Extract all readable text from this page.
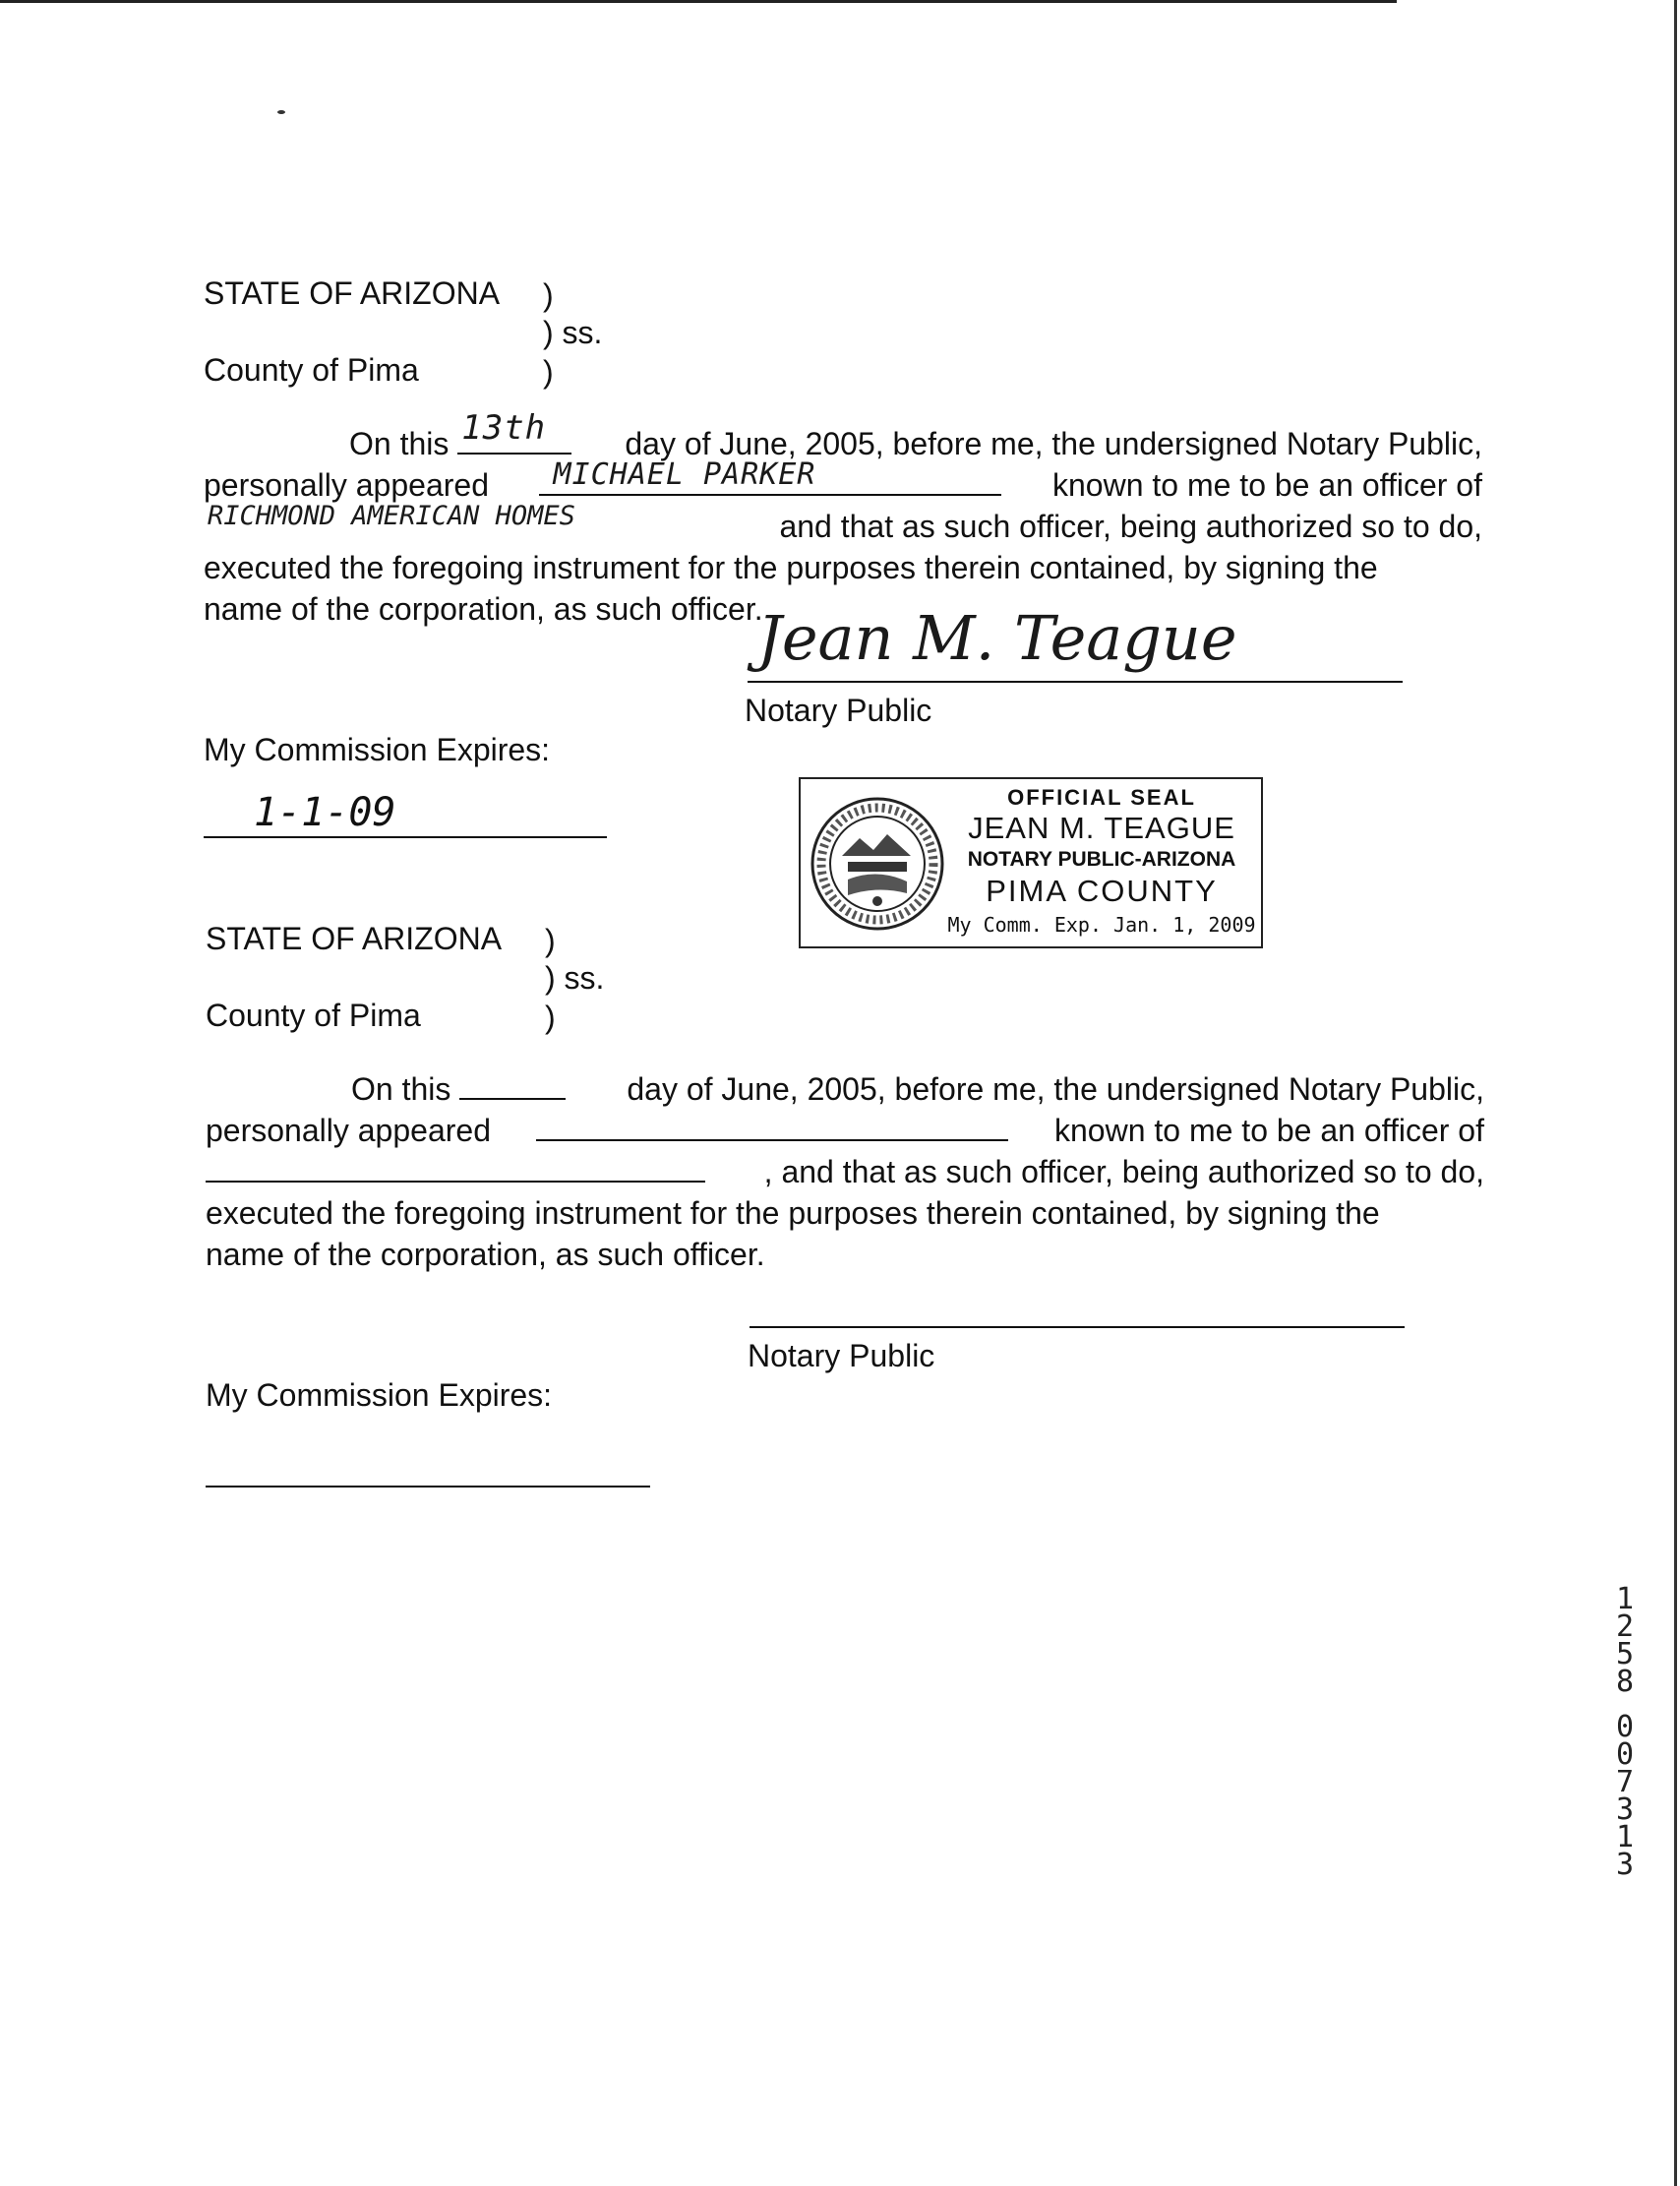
STATE OF ARIZONA )
) ss.
County of Pima	)
On this 13th	day of June, 2005, before me, the undersigned Notary Public,
personally appeared MICHAEL PARKER	known to me to be an officer of
RICHMOND AMERICAN HOMES	and that as such officer, being authorized so to do,
executed the foregoing instrument for the purposes therein contained, by signing the
name of the corporation, as such officer.
Jean M. Teague
Notary Public
My Commission Expires:
1-1-09	OFFICIAL SEAL
JEAN M. TEAGUE
NOTARY PUBLIC-ARIZONA
PIMA COUNTY
My Comm. Exp. Jan. 1, 2009
STATE OF ARIZONA )
) ss.
County of Pima	)
On this	day of June, 2005, before me, the undersigned Notary Public,
personally appeared	known to me to be an officer of
, and that as such officer, being authorized so to do,
executed the foregoing instrument for the purposes therein contained, by signing the
name of the corporation, as such officer.
Notary Public
My Commission Expires:
1
2
5
8
0
0
7
3
1
3
